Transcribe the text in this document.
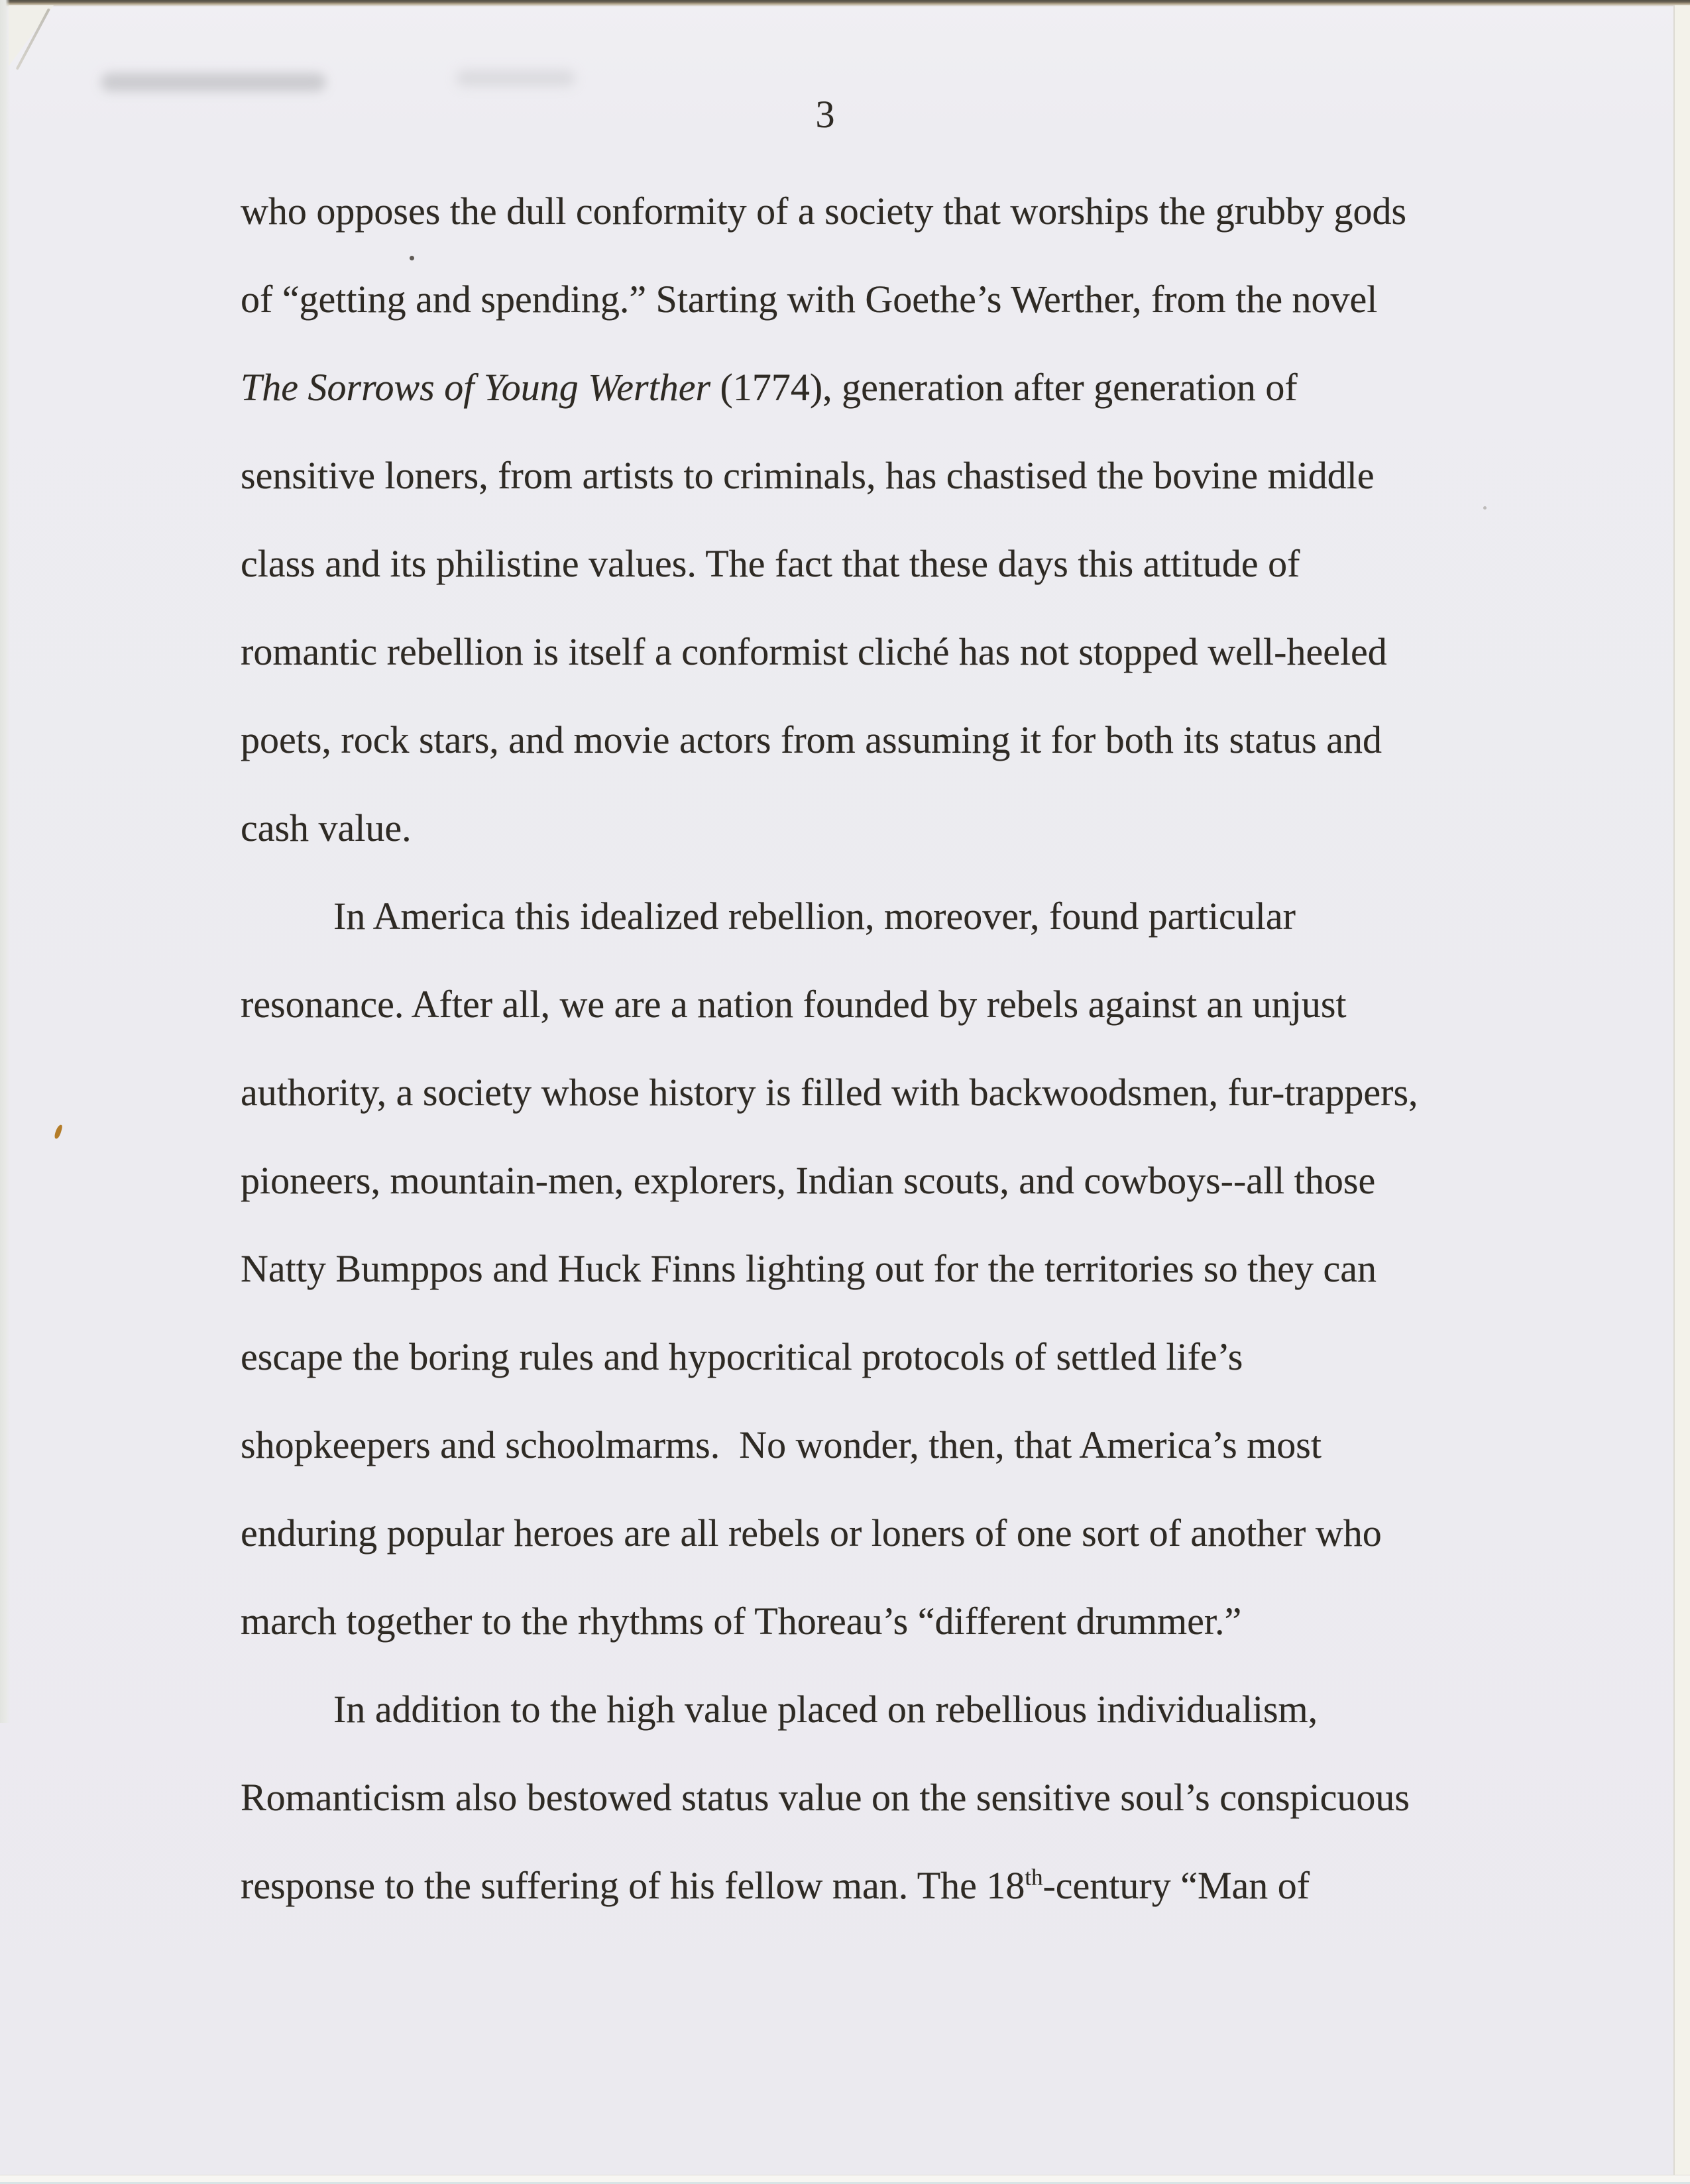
3
who opposes the dull conformity of a society that worships the grubby gods
of “getting and spending.” Starting with Goethe’s Werther, from the novel
The Sorrows of Young Werther (1774), generation after generation of
sensitive loners, from artists to criminals, has chastised the bovine middle
class and its philistine values. The fact that these days this attitude of
romantic rebellion is itself a conformist cliché has not stopped well-heeled
poets, rock stars, and movie actors from assuming it for both its status and
cash value.
In America this idealized rebellion, moreover, found particular
resonance. After all, we are a nation founded by rebels against an unjust
authority, a society whose history is filled with backwoodsmen, fur-trappers,
pioneers, mountain-men, explorers, Indian scouts, and cowboys--all those
Natty Bumppos and Huck Finns lighting out for the territories so they can
escape the boring rules and hypocritical protocols of settled life’s
shopkeepers and schoolmarms.  No wonder, then, that America’s most
enduring popular heroes are all rebels or loners of one sort of another who
march together to the rhythms of Thoreau’s “different drummer.”
In addition to the high value placed on rebellious individualism,
Romanticism also bestowed status value on the sensitive soul’s conspicuous
response to the suffering of his fellow man. The 18th-century “Man of
